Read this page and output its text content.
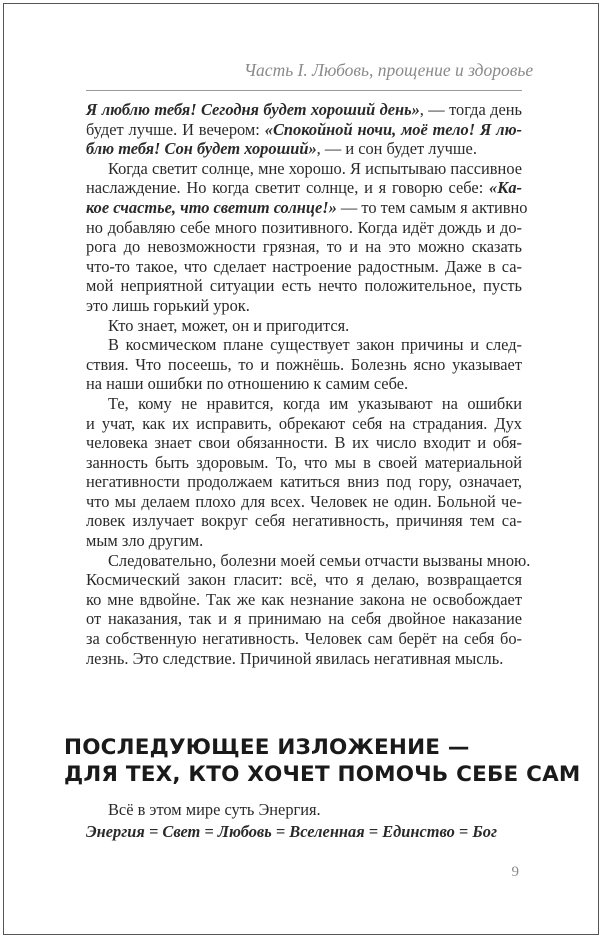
Часть I. Любовь, прощение и здоровье
Я люблю тебя! Сегодня будет хороший день», — тогда день
будет лучше. И вечером: «Спокойной ночи, моё тело! Я лю-
блю тебя! Сон будет хороший», — и сон будет лучше.
Когда светит солнце, мне хорошо. Я испытываю пассивное
наслаждение. Но когда светит солнце, и я говорю себе: «Ка-
кое счастье, что светит солнце!» — то тем самым я активно
но добавляю себе много позитивного. Когда идёт дождь и до-
рога до невозможности грязная, то и на это можно сказать
что-то такое, что сделает настроение радостным. Даже в са-
мой неприятной ситуации есть нечто положительное, пусть
это лишь горький урок.
Кто знает, может, он и пригодится.
В космическом плане существует закон причины и след-
ствия. Что посеешь, то и пожнёшь. Болезнь ясно указывает
на наши ошибки по отношению к самим себе.
Те, кому не нравится, когда им указывают на ошибки
и учат, как их исправить, обрекают себя на страдания. Дух
человека знает свои обязанности. В их число входит и обя-
занность быть здоровым. То, что мы в своей материальной
негативности продолжаем катиться вниз под гору, означает,
что мы делаем плохо для всех. Человек не один. Больной че-
ловек излучает вокруг себя негативность, причиняя тем са-
мым зло другим.
Следовательно, болезни моей семьи отчасти вызваны мною.
Космический закон гласит: всё, что я делаю, возвращается
ко мне вдвойне. Так же как незнание закона не освобождает
от наказания, так и я принимаю на себя двойное наказание
за собственную негативность. Человек сам берёт на себя бо-
лезнь. Это следствие. Причиной явилась негативная мысль.
ПОСЛЕДУЮЩЕЕ ИЗЛОЖЕНИЕ —
ДЛЯ ТЕХ, КТО ХОЧЕТ ПОМОЧЬ СЕБЕ САМ
Всё в этом мире суть Энергия.
Энергия = Свет = Любовь = Вселенная = Единство = Бог
9
